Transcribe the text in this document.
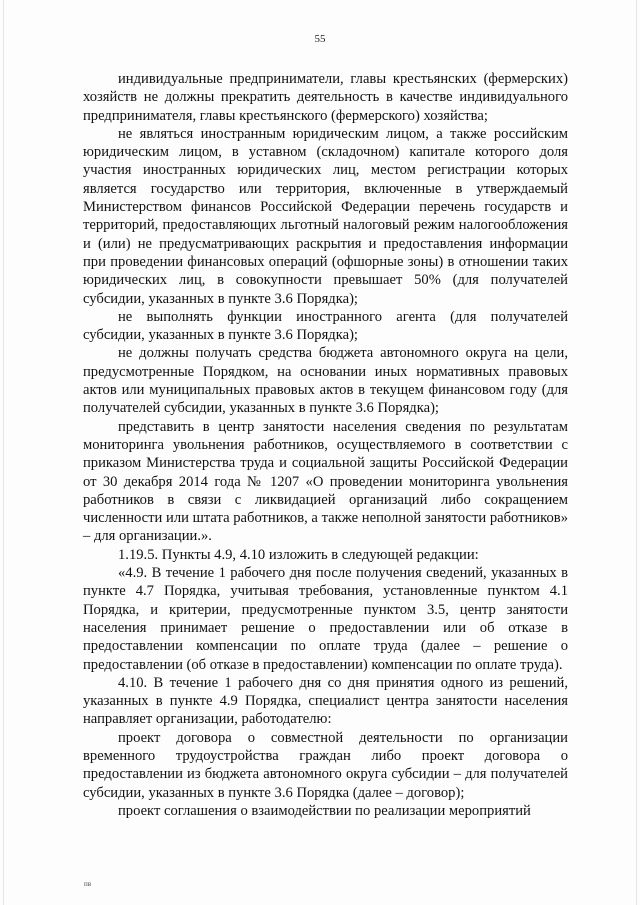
55

индивидуальные предприниматели, главы крестьянских (фермерских) хозяйств не должны прекратить деятельность в качестве индивидуального предпринимателя, главы крестьянского (фермерского) хозяйства;

не являться иностранным юридическим лицом, а также российским юридическим лицом, в уставном (складочном) капитале которого доля участия иностранных юридических лиц, местом регистрации которых является государство или территория, включенные в утверждаемый Министерством финансов Российской Федерации перечень государств и территорий, предоставляющих льготный налоговый режим налогообложения и (или) не предусматривающих раскрытия и предоставления информации при проведении финансовых операций (офшорные зоны) в отношении таких юридических лиц, в совокупности превышает 50% (для получателей субсидии, указанных в пункте 3.6 Порядка);

не выполнять функции иностранного агента (для получателей субсидии, указанных в пункте 3.6 Порядка);

не должны получать средства бюджета автономного округа на цели, предусмотренные Порядком, на основании иных нормативных правовых актов или муниципальных правовых актов в текущем финансовом году (для получателей субсидии, указанных в пункте 3.6 Порядка);

представить в центр занятости населения сведения по результатам мониторинга увольнения работников, осуществляемого в соответствии с приказом Министерства труда и социальной защиты Российской Федерации от 30 декабря 2014 года № 1207 «О проведении мониторинга увольнения работников в связи с ликвидацией организаций либо сокращением численности или штата работников, а также неполной занятости работников» – для организации.».

1.19.5. Пункты 4.9, 4.10 изложить в следующей редакции:

«4.9. В течение 1 рабочего дня после получения сведений, указанных в пункте 4.7 Порядка, учитывая требования, установленные пунктом 4.1 Порядка, и критерии, предусмотренные пунктом 3.5, центр занятости населения принимает решение о предоставлении или об отказе в предоставлении компенсации по оплате труда (далее – решение о предоставлении (об отказе в предоставлении) компенсации по оплате труда).

4.10. В течение 1 рабочего дня со дня принятия одного из решений, указанных в пункте 4.9 Порядка, специалист центра занятости населения направляет организации, работодателю:

проект договора о совместной деятельности по организации временного трудоустройства граждан либо проект договора о предоставлении из бюджета автономного округа субсидии – для получателей субсидии, указанных в пункте 3.6 Порядка (далее – договор);

проект соглашения о взаимодействии по реализации мероприятий

пв
